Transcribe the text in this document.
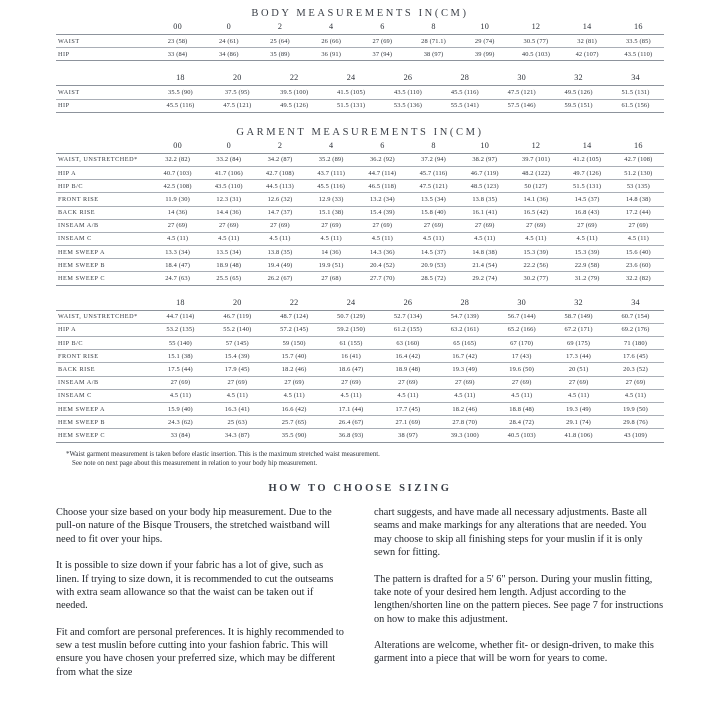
BODY MEASUREMENTS IN(CM)
	00	0	2	4	6	8	10	12	14	16
WAIST	23 (58)	24 (61)	25 (64)	26 (66)	27 (69)	28 (71.1)	29 (74)	30.5 (77)	32 (81)	33.5 (85)
HIP	33 (84)	34 (86)	35 (89)	36 (91)	37 (94)	38 (97)	39 (99)	40.5 (103)	42 (107)	43.5 (110)
	18	20	22	24	26	28	30	32	34
WAIST	35.5 (90)	37.5 (95)	39.5 (100)	41.5 (105)	43.5 (110)	45.5 (116)	47.5 (121)	49.5 (126)	51.5 (131)
HIP	45.5 (116)	47.5 (121)	49.5 (126)	51.5 (131)	53.5 (136)	55.5 (141)	57.5 (146)	59.5 (151)	61.5 (156)
GARMENT MEASUREMENTS IN(CM)
	00	0	2	4	6	8	10	12	14	16
WAIST, UNSTRETCHED*	32.2 (82)	33.2 (84)	34.2 (87)	35.2 (89)	36.2 (92)	37.2 (94)	38.2 (97)	39.7 (101)	41.2 (105)	42.7 (108)
HIP A	40.7 (103)	41.7 (106)	42.7 (108)	43.7 (111)	44.7 (114)	45.7 (116)	46.7 (119)	48.2 (122)	49.7 (126)	51.2 (130)
HIP B/C	42.5 (108)	43.5 (110)	44.5 (113)	45.5 (116)	46.5 (118)	47.5 (121)	48.5 (123)	50 (127)	51.5 (131)	53 (135)
FRONT RISE	11.9 (30)	12.3 (31)	12.6 (32)	12.9 (33)	13.2 (34)	13.5 (34)	13.8 (35)	14.1 (36)	14.5 (37)	14.8 (38)
BACK RISE	14 (36)	14.4 (36)	14.7 (37)	15.1 (38)	15.4 (39)	15.8 (40)	16.1 (41)	16.5 (42)	16.8 (43)	17.2 (44)
INSEAM A/B	27 (69)	27 (69)	27 (69)	27 (69)	27 (69)	27 (69)	27 (69)	27 (69)	27 (69)	27 (69)
INSEAM C	4.5 (11)	4.5 (11)	4.5 (11)	4.5 (11)	4.5 (11)	4.5 (11)	4.5 (11)	4.5 (11)	4.5 (11)	4.5 (11)
HEM SWEEP A	13.3 (34)	13.5 (34)	13.8 (35)	14 (36)	14.3 (36)	14.5 (37)	14.8 (38)	15.3 (39)	15.3 (39)	15.6 (40)
HEM SWEEP B	18.4 (47)	18.9 (48)	19.4 (49)	19.9 (51)	20.4 (52)	20.9 (53)	21.4 (54)	22.2 (56)	22.9 (58)	23.6 (60)
HEM SWEEP C	24.7 (63)	25.5 (65)	26.2 (67)	27 (68)	27.7 (70)	28.5 (72)	29.2 (74)	30.2 (77)	31.2 (79)	32.2 (82)
	18	20	22	24	26	28	30	32	34
WAIST, UNSTRETCHED*	44.7 (114)	46.7 (119)	48.7 (124)	50.7 (129)	52.7 (134)	54.7 (139)	56.7 (144)	58.7 (149)	60.7 (154)
HIP A	53.2 (135)	55.2 (140)	57.2 (145)	59.2 (150)	61.2 (155)	63.2 (161)	65.2 (166)	67.2 (171)	69.2 (176)
HIP B/C	55 (140)	57 (145)	59 (150)	61 (155)	63 (160)	65 (165)	67 (170)	69 (175)	71 (180)
FRONT RISE	15.1 (38)	15.4 (39)	15.7 (40)	16 (41)	16.4 (42)	16.7 (42)	17 (43)	17.3 (44)	17.6 (45)
BACK RISE	17.5 (44)	17.9 (45)	18.2 (46)	18.6 (47)	18.9 (48)	19.3 (49)	19.6 (50)	20 (51)	20.3 (52)
INSEAM A/B	27 (69)	27 (69)	27 (69)	27 (69)	27 (69)	27 (69)	27 (69)	27 (69)	27 (69)
INSEAM C	4.5 (11)	4.5 (11)	4.5 (11)	4.5 (11)	4.5 (11)	4.5 (11)	4.5 (11)	4.5 (11)	4.5 (11)
HEM SWEEP A	15.9 (40)	16.3 (41)	16.6 (42)	17.1 (44)	17.7 (45)	18.2 (46)	18.8 (48)	19.3 (49)	19.9 (50)
HEM SWEEP B	24.3 (62)	25 (63)	25.7 (65)	26.4 (67)	27.1 (69)	27.8 (70)	28.4 (72)	29.1 (74)	29.8 (76)
HEM SWEEP C	33 (84)	34.3 (87)	35.5 (90)	36.8 (93)	38 (97)	39.3 (100)	40.5 (103)	41.8 (106)	43 (109)

*Waist garment measurement is taken before elastic insertion. This is the maximum stretched waist measurement.
See note on next page about this measurement in relation to your body hip measurement.

HOW TO CHOOSE SIZING

Choose your size based on your body hip measurement. Due to the pull-on nature of the Bisque Trousers, the stretched waistband will need to fit over your hips.

It is possible to size down if your fabric has a lot of give, such as linen. If trying to size down, it is recommended to cut the outseams with extra seam allowance so that the waist can be taken out if needed.

Fit and comfort are personal preferences. It is highly recommended to sew a test muslin before cutting into your fashion fabric. This will ensure you have chosen your preferred size, which may be different from what the size

chart suggests, and have made all necessary adjustments. Baste all seams and make markings for any alterations that are needed. You may choose to skip all finishing steps for your muslin if it is only sewn for fitting.

The pattern is drafted for a 5' 6" person. During your muslin fitting, take note of your desired hem length. Adjust according to the lengthen/shorten line on the pattern pieces. See page 7 for instructions on how to make this adjustment.

Alterations are welcome, whether fit- or design-driven, to make this garment into a piece that will be worn for years to come.
